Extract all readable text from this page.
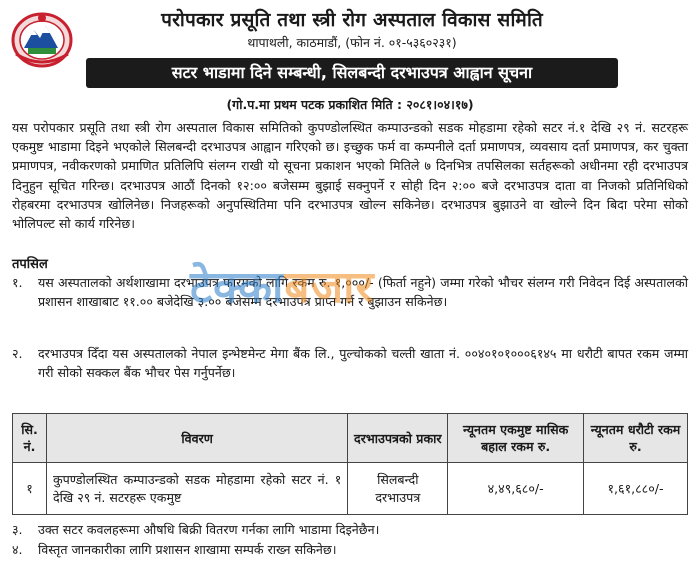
परोपकार प्रसूति तथा स्त्री रोग अस्पताल विकास समिति
थापाथली, काठमाडौं, (फोन नं. ०१-५३६०२३१)
सटर भाडामा दिने सम्बन्धी, सिलबन्दी दरभाउपत्र आह्वान सूचना
(गो.प.मा प्रथम पटक प्रकाशित मिति : २०८१।०४।१७)
यस परोपकार प्रसूति तथा स्त्री रोग अस्पताल विकास समितिको कुपण्डोलस्थित कम्पाउन्डको सडक मोहडामा रहेको सटर नं.१ देखि २९ नं. सटरहरू एकमुष्ट भाडामा दिइने भएकोले सिलबन्दी दरभाउपत्र आह्वान गरिएको छ। इच्छुक फर्म वा कम्पनीले दर्ता प्रमाणपत्र, व्यवसाय दर्ता प्रमाणपत्र, कर चुक्ता प्रमाणपत्र, नवीकरणको प्रमाणित प्रतिलिपि संलग्न राखी यो सूचना प्रकाशन भएको मितिले ७ दिनभित्र तपसिलका सर्तहरूको अधीनमा रही दरभाउपत्र दिनुहुन सूचित गरिन्छ। दरभाउपत्र आठौं दिनको १२:०० बजेसम्म बुझाई सक्नुपर्ने र सोही दिन २:०० बजे दरभाउपत्र दाता वा निजको प्रतिनिधिको रोहबरमा दरभाउपत्र खोलिनेछ। निजहरूको अनुपस्थितिमा पनि दरभाउपत्र खोल्न सकिनेछ। दरभाउपत्र बुझाउने वा खोल्ने दिन बिदा परेमा सोको भोलिपल्ट सो कार्य गरिनेछ।
तपसिल
१.	यस अस्पतालको अर्थशाखामा दरभाउपत्र फारमको लागि रकम रु. १,०००/- (फिर्ता नहुने) जम्मा गरेको भौचर संलग्न गरी निवेदन दिई अस्पतालको प्रशासन शाखाबाट ११.०० बजेदेखि ३.०० बजेसम्म दरभाउपत्र प्राप्त गर्न र बुझाउन सकिनेछ।
२.	दरभाउपत्र दिँदा यस अस्पतालको नेपाल इन्भेष्टमेन्ट मेगा बैंक लि., पुल्चोकको चल्ती खाता नं. ००४०१०१०००६१४५ मा धरौटी बापत रकम जम्मा गरी सोको सक्कल बैंक भौचर पेस गर्नुपर्नेछ।
सि. नं.	विवरण	दरभाउपत्रको प्रकार	न्यूनतम एकमुष्ट मासिक बहाल रकम रु.	न्यूनतम धरौटी रकम रु.
१	कुपण्डोलस्थित कम्पाउन्डको सडक मोहडामा रहेको सटर नं. १ देखि २९ नं. सटरहरू एकमुष्ट	सिलबन्दी दरभाउपत्र	४,४९,६८०/-	१,६१,८८०/-
३.	उक्त सटर कवलहरूमा औषधि बिक्री वितरण गर्नका लागि भाडामा दिइनेछैन।
४.	विस्तृत जानकारीका लागि प्रशासन शाखामा सम्पर्क राख्न सकिनेछ।
टेक्काबजार
